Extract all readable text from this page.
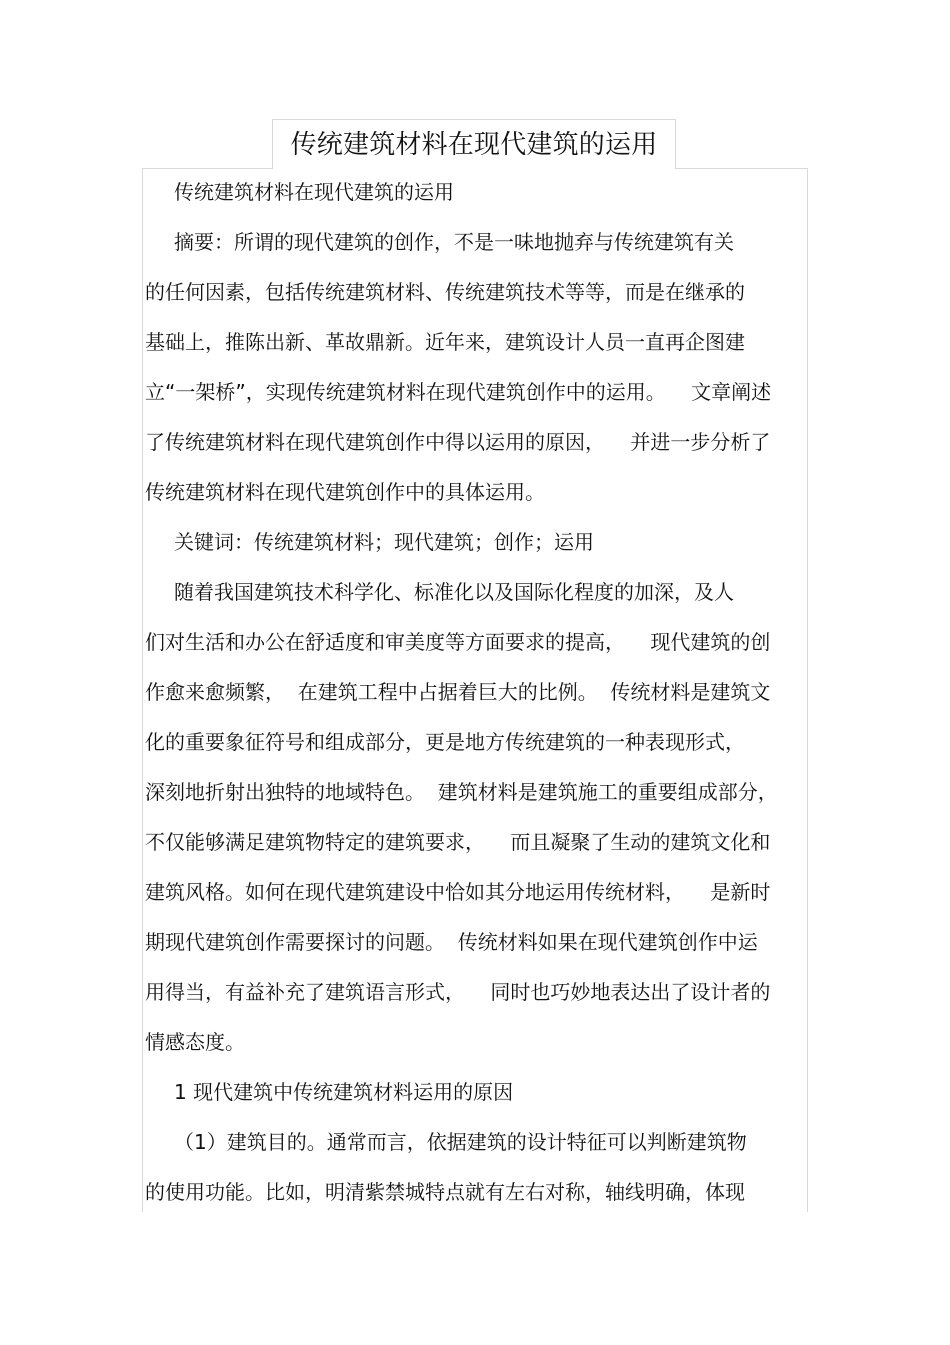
传统建筑材料在现代建筑的运用
传统建筑材料在现代建筑的运用
摘要：所谓的现代建筑的创作，不是一味地抛弃与传统建筑有关
的任何因素，包括传统建筑材料、传统建筑技术等等，而是在继承的
基础上，推陈出新、革故鼎新。近年来，建筑设计人员一直再企图建
立“一架桥”，实现传统建筑材料在现代建筑创作中的运用。    文章阐述
了传统建筑材料在现代建筑创作中得以运用的原因，    并进一步分析了
传统建筑材料在现代建筑创作中的具体运用。
关键词：传统建筑材料；现代建筑；创作；运用
随着我国建筑技术科学化、标准化以及国际化程度的加深，及人
们对生活和办公在舒适度和审美度等方面要求的提高，    现代建筑的创
作愈来愈频繁，  在建筑工程中占据着巨大的比例。  传统材料是建筑文
化的重要象征符号和组成部分，更是地方传统建筑的一种表现形式，
深刻地折射出独特的地域特色。  建筑材料是建筑施工的重要组成部分，
不仅能够满足建筑物特定的建筑要求，    而且凝聚了生动的建筑文化和
建筑风格。如何在现代建筑建设中恰如其分地运用传统材料，    是新时
期现代建筑创作需要探讨的问题。  传统材料如果在现代建筑创作中运
用得当，有益补充了建筑语言形式，    同时也巧妙地表达出了设计者的
情感态度。
1 现代建筑中传统建筑材料运用的原因
（1）建筑目的。通常而言，依据建筑的设计特征可以判断建筑物
的使用功能。比如，明清紫禁城特点就有左右对称，轴线明确，体现
